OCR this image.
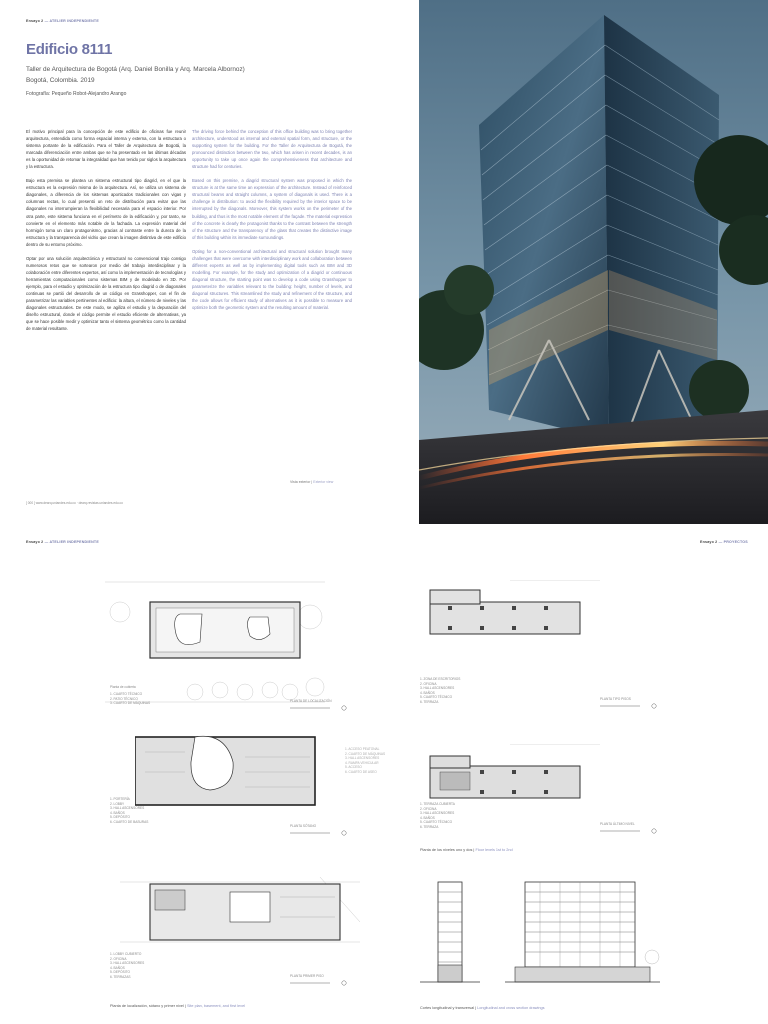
Ensayo 2 — ATELIER INDEPENDIENTE
Edificio 8111
Taller de Arquitectura de Bogotá (Arq. Daniel Bonilla y Arq. Marcela Albornoz)
Bogotá, Colombia. 2019
Fotografía: Pequeño Robot-Alejandro Arango

El motivo principal para la concepción de este edificio de oficinas fue reunir arquitectura, entendida como forma espacial interna y externa, con la estructura o sistema portante de la edificación. Para el Taller de Arquitectura de Bogotá, la marcada diferenciación entre ambas que se ha presentado en las últimas décadas es la oportunidad de retomar la integralidad que han tenido por siglos la arquitectura y la estructura.

Bajo esta premisa se plantea un sistema estructural tipo diagrid, en el que la estructura es la expresión misma de la arquitectura. Así, se utiliza un sistema de diagonales, a diferencia de los sistemas aporticados tradicionales con vigas y columnas rectas, lo cual presentó un reto de distribución para evitar que las diagonales no interrumpieran la flexibilidad necesaria para el espacio interior. Por otra parte, este sistema funciona en el perímetro de la edificación y, por tanto, se convierte en el elemento más notable de la fachada. La expresión material del hormigón toma un claro protagonismo, gracias al contraste entre la dureza de la estructura y la transparencia del vidrio que crean la imagen distintiva de este edificio dentro de su entorno próximo.

Optar por una solución arquitectónica y estructural no convencional trajo consigo numerosos retos que se sortearon por medio del trabajo interdisciplinar y la colaboración entre diferentes expertos, así como la implementación de tecnologías y herramientas computacionales como sistemas BIM y de modelado en 3D. Por ejemplo, para el estudio y optimización de la estructura tipo diagrid o de diagonales continuas se partió del desarrollo de un código en Grasshopper, con el fin de parametrizar las variables pertinentes al edificio: la altura, el número de niveles y las diagonales estructurales. De este modo, se agiliza el estudio y la depuración del diseño estructural, donde el código permite el estudio eficiente de alternativas, ya que se hace posible medir y optimizar tanto el sistema geométrico como la cantidad de material resultante.

The driving force behind the conception of this office building was to bring together architecture, understood as internal and external spatial form, and structure, or the supporting system for the building. For the Taller de Arquitectura de Bogotá, the pronounced distinction between the two, which has arisen in recent decades, is an opportunity to take up once again the comprehensiveness that architecture and structure had for centuries.

Based on this premise, a diagrid structural system was proposed in which the structure is at the same time an expression of the architecture. Instead of reinforced structural beams and straight columns, a system of diagonals is used. There is a challenge in distribution: to avoid the flexibility required by the interior space to be interrupted by the diagonals. Moreover, this system works on the perimeter of the building, and thus is the most notable element of the façade. The material expression of the concrete is clearly the protagonist thanks to the contrast between the strength of the structure and the transparency of the glass that creates the distinctive image of this building within its immediate surroundings.

Opting for a non-conventional architectural and structural solution brought many challenges that were overcome with interdisciplinary work and collaboration between different experts as well as by implementing digital tools such as BIM and 3D modelling. For example, for the study and optimization of a diagrid or continuous diagonal structure, the starting point was to develop a code using Grasshopper to parameterize the variables relevant to the building: height, number of levels, and diagonal structures. This streamlined the study and refinement of the structure, and the code allows for efficient study of alternatives as it is possible to measure and optimize both the geometric system and the resulting amount of material.

Vista exterior | Exterior view
[ 000 ] www.dearq.uniandes.edu.co · dearq.revistas.uniandes.edu.co
Ensayo 2 — ATELIER INDEPENDIENTE	Ensayo 2 — PROYECTOS
1. CUARTO TÉCNICO
2. PATIO TÉCNICO
3. CUARTO DE MÁQUINAS	PLANTA DE LOCALIZACIÓN
Planta de cubierta
1. PORTERÍA
2. LOBBY
3. HALL ASCENSORES
4. BAÑOS
5. DEPÓSITO
6. CUARTO DE BASURAS
1. ACCESO PEATONAL
2. CUARTO DE MÁQUINAS
3. HALL ASCENSORES
4. RAMPA VEHICULAR
5. ACCESO
6. CUARTO DE ASEO
PLANTA SÓTANO
1. LOBBY CUBIERTO
2. OFICINA
3. HALL ASCENSORES
4. BAÑOS
5. DEPÓSITO
6. TERRAZAS	PLANTA PRIMER PISO
Planta de localización, sótano y primer nivel | Site plan, basement, and first level
1. ZONA DE ESCRITORIOS
2. OFICINA
3. HALL ASCENSORES
4. BAÑOS
5. CUARTO TÉCNICO
6. TERRAZA
PLANTA TIPO PISOS
1. TERRAZA CUBIERTA
2. OFICINA
3. HALL ASCENSORES
4. BAÑOS
5. CUARTO TÉCNICO
6. TERRAZA
PLANTA ÚLTIMO NIVEL
Planta de los niveles uno y dos | Floor levels 1st to 2nd
Cortes longitudinal y transversal | Longitudinal and cross section drawings
